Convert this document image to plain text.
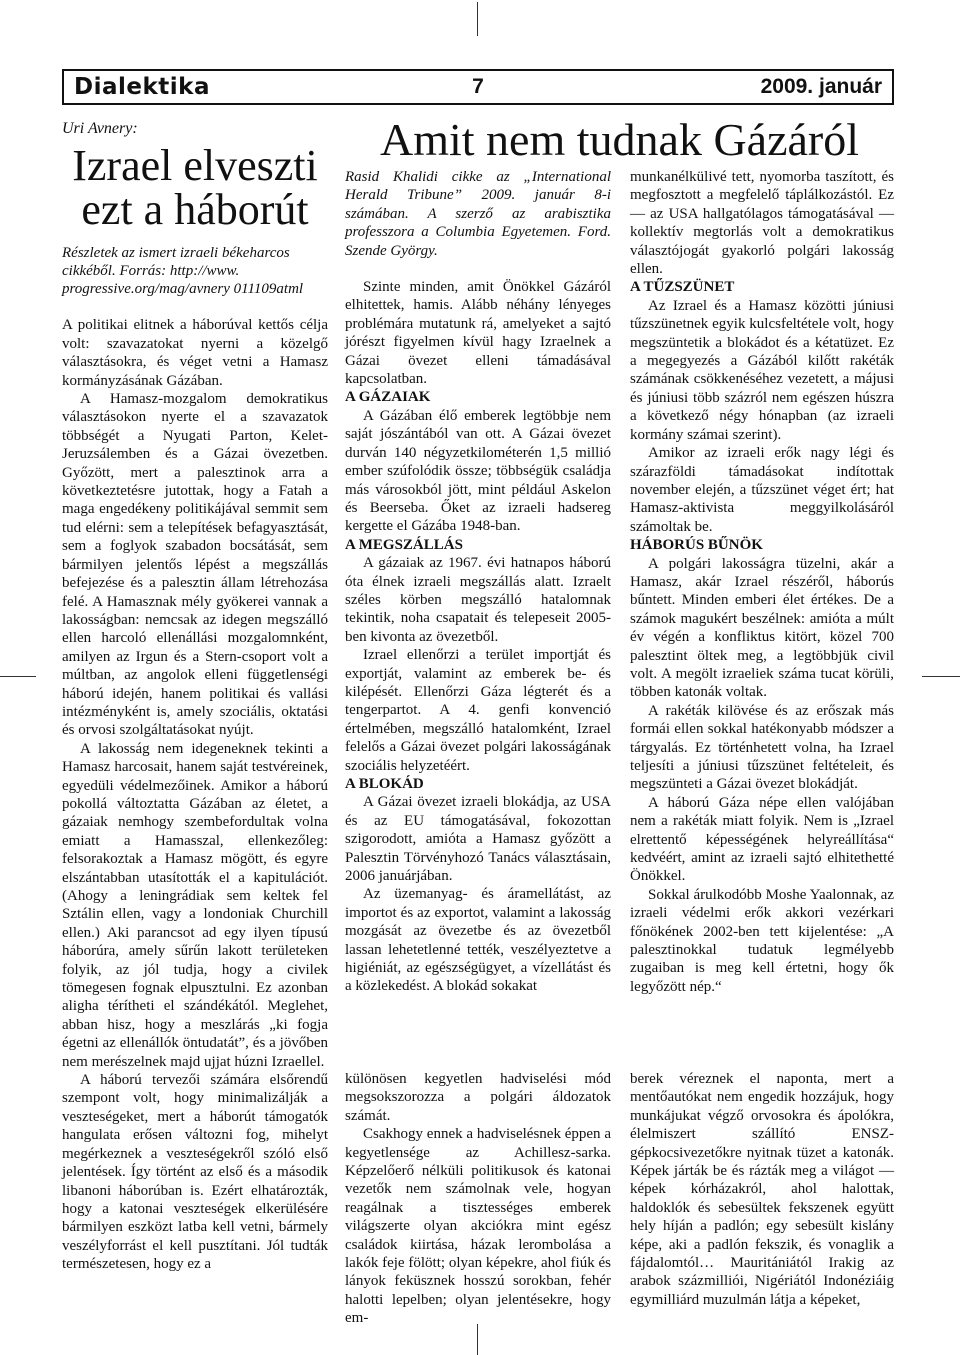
Dialektika	7	2009. január
Uri Avnery:
Izrael elveszti ezt a háborút
Részletek az ismert izraeli békeharcos cikkéből. Forrás: http://www. progressive.org/mag/avnery 011109atml

A politikai elitnek a háborúval kettős célja volt: szavazatokat nyerni a közelgő választásokra, és véget vetni a Hamasz kormányzásának Gázában.

A Hamasz-mozgalom demokratikus választásokon nyerte el a szavazatok többségét a Nyugati Parton, Kelet-Jeruzsálemben és a Gázai övezetben. Győzött, mert a palesztinok arra a következtetésre jutottak, hogy a Fatah a maga engedékeny politikájával semmit sem tud elérni: sem a telepítések befagyasztását, sem a foglyok szabadon bocsátását, sem bármilyen jelentős lépést a megszállás befejezése és a palesztin állam létrehozása felé. A Hamasznak mély gyökerei vannak a lakosságban: nemcsak az idegen megszálló ellen harcoló ellenállási mozgalomnként, amilyen az Irgun és a Stern-csoport volt a múltban, az angolok elleni függetlenségi háború idején, hanem politikai és vallási intézményként is, amely szociális, oktatási és orvosi szolgáltatásokat nyújt.

A lakosság nem idegeneknek tekinti a Hamasz harcosait, hanem saját testvéreinek, egyedüli védelmezőinek. Amikor a háború pokollá változtatta Gázában az életet, a gázaiak nemhogy szembefordultak volna emiatt a Hamasszal, ellenkezőleg: felsorakoztak a Hamasz mögött, és egyre elszántabban utasították el a kapitulációt. (Ahogy a leningrádiak sem keltek fel Sztálin ellen, vagy a londoniak Churchill ellen.) Aki parancsot ad egy ilyen típusú háborúra, amely sűrűn lakott területeken folyik, az jól tudja, hogy a civilek tömegesen fognak elpusztulni. Ez azonban aligha térítheti el szándékától. Meglehet, abban hisz, hogy a meszlárás „ki fogja égetni az ellenállók öntudatát”, és a jövőben nem merészelnek majd ujjat húzni Izraellel.

A háború tervezői számára elsőrendű szempont volt, hogy minimalizálják a veszteségeket, mert a háborút támogatók hangulata erősen változni fog, mihelyt megérkeznek a veszteségekről szóló első jelentések. Így történt az első és a második libanoni háborúban is. Ezért elhatározták, hogy a katonai veszteségek elkerülésére bármilyen eszközt latba kell vetni, bármely veszélyforrást el kell pusztítani. Jól tudták természetesen, hogy ez a

Amit nem tudnak Gázáról
Rasid Khalidi cikke az „International Herald Tribune” 2009. január 8-i számában. A szerző az arabisztika professzora a Columbia Egyetemen. Ford. Szende György.

Szinte minden, amit Önökkel Gázáról elhitettek, hamis. Alább néhány lényeges problémára mutatunk rá, amelyeket a sajtó jórészt figyelmen kívül hagy Izraelnek a Gázai övezet elleni támadásával kapcsolatban.

A GÁZAIAK

A Gázában élő emberek legtöbbje nem saját jószántából van ott. A Gázai övezet durván 140 négyzetkilométerén 1,5 millió ember szúfolódik össze; többségük családja más városokból jött, mint például Askelon és Beerseba. Őket az izraeli hadsereg kergette el Gázába 1948-ban.

A MEGSZÁLLÁS

A gázaiak az 1967. évi hatnapos háború óta élnek izraeli megszállás alatt. Izraelt széles körben megszálló hatalomnak tekintik, noha csapatait és telepeseit 2005-ben kivonta az övezetből.

Izrael ellenőrzi a terület importját és exportját, valamint az emberek be- és kilépését. Ellenőrzi Gáza légterét és a tengerpartot. A 4. genfi konvenció értelmében, megszálló hatalomként, Izrael felelős a Gázai övezet polgári lakosságának szociális helyzetéért.

A BLOKÁD

A Gázai övezet izraeli blokádja, az USA és az EU támogatásával, fokozottan szigorodott, amióta a Hamasz győzött a Palesztin Törvényhozó Tanács választásain, 2006 januárjában.

Az üzemanyag- és áramellátást, az importot és az exportot, valamint a lakosság mozgását az övezetbe és az övezetből lassan lehetetlenné tették, veszélyeztetve a higiéniát, az egészségügyet, a vízellátást és a közlekedést. A blokád sokakat

munkanélkülivé tett, nyomorba taszított, és megfosztott a megfelelő táplálkozástól. Ez — az USA hallgatólagos támogatásával — kollektív megtorlás volt a demokratikus választójogát gyakorló polgári lakosság ellen.

A TŰZSZÜNET

Az Izrael és a Hamasz közötti júniusi tűzszünetnek egyik kulcsfeltétele volt, hogy megszüntetik a blokádot és a kétatüzet. Ez a megegyezés a Gázából kilőtt rakéták számának csökkenéséhez vezetett, a májusi és júniusi több százról nem egészen húszra a következő négy hónapban (az izraeli kormány számai szerint).

Amikor az izraeli erők nagy légi és szárazföldi támadásokat indítottak november elején, a tűzszünet véget ért; hat Hamasz-aktivista meggyilkolásáról számoltak be.

HÁBORÚS BŰNÖK

A polgári lakosságra tüzelni, akár a Hamasz, akár Izrael részéről, háborús bűntett. Minden emberi élet értékes. De a számok magukért beszélnek: amióta a múlt év végén a konfliktus kitört, közel 700 palesztint öltek meg, a legtöbbjük civil volt. A megölt izraeliek száma tucat körüli, többen katonák voltak.

A rakéták kilövése és az erőszak más formái ellen sokkal hatékonyabb módszer a tárgyalás. Ez történhetett volna, ha Izrael teljesíti a júniusi tűzszünet feltételeit, és megszünteti a Gázai övezet blokádját.

A háború Gáza népe ellen valójában nem a rakéták miatt folyik. Nem is „Izrael elrettentő képességének helyreállítása“ kedvéért, amint az izraeli sajtó elhitethetté Önökkel.

Sokkal árulkodóbb Moshe Yaalonnak, az izraeli védelmi erők akkori vezérkari főnökének 2002-ben tett kijelentése: „A palesztinokkal tudatuk legmélyebb zugaiban is meg kell értetni, hogy ők legyőzött nép.“

különösen kegyetlen hadviselési mód megsokszorozza a polgári áldozatok számát.

Csakhogy ennek a hadviselésnek éppen a kegyetlensége az Achillesz-sarka. Képzelőerő nélküli politikusok és katonai vezetők nem számolnak vele, hogyan reagálnak a tisztességes emberek világszerte olyan akciókra mint egész családok kiirtása, házak lerombolása a lakók feje fölött; olyan képekre, ahol fiúk és lányok feküsznek hosszú sorokban, fehér halotti lepelben; olyan jelentésekre, hogy em-

berek véreznek el naponta, mert a mentőautókat nem engedik hozzájuk, hogy munkájukat végző orvosokra és ápolókra, élelmiszert szállító ENSZ-gépkocsivezetőkre nyitnak tüzet a katonák. Képek járták be és rázták meg a világot — képek kórházakról, ahol halottak, haldoklók és sebesültek fekszenek együtt hely híján a padlón; egy sebesült kislány képe, aki a padlón fekszik, és vonaglik a fájdalomtól… Mauritániától Irakig az arabok százmilliói, Nigériától Indonéziáig egymilliárd muzulmán látja a képeket,
